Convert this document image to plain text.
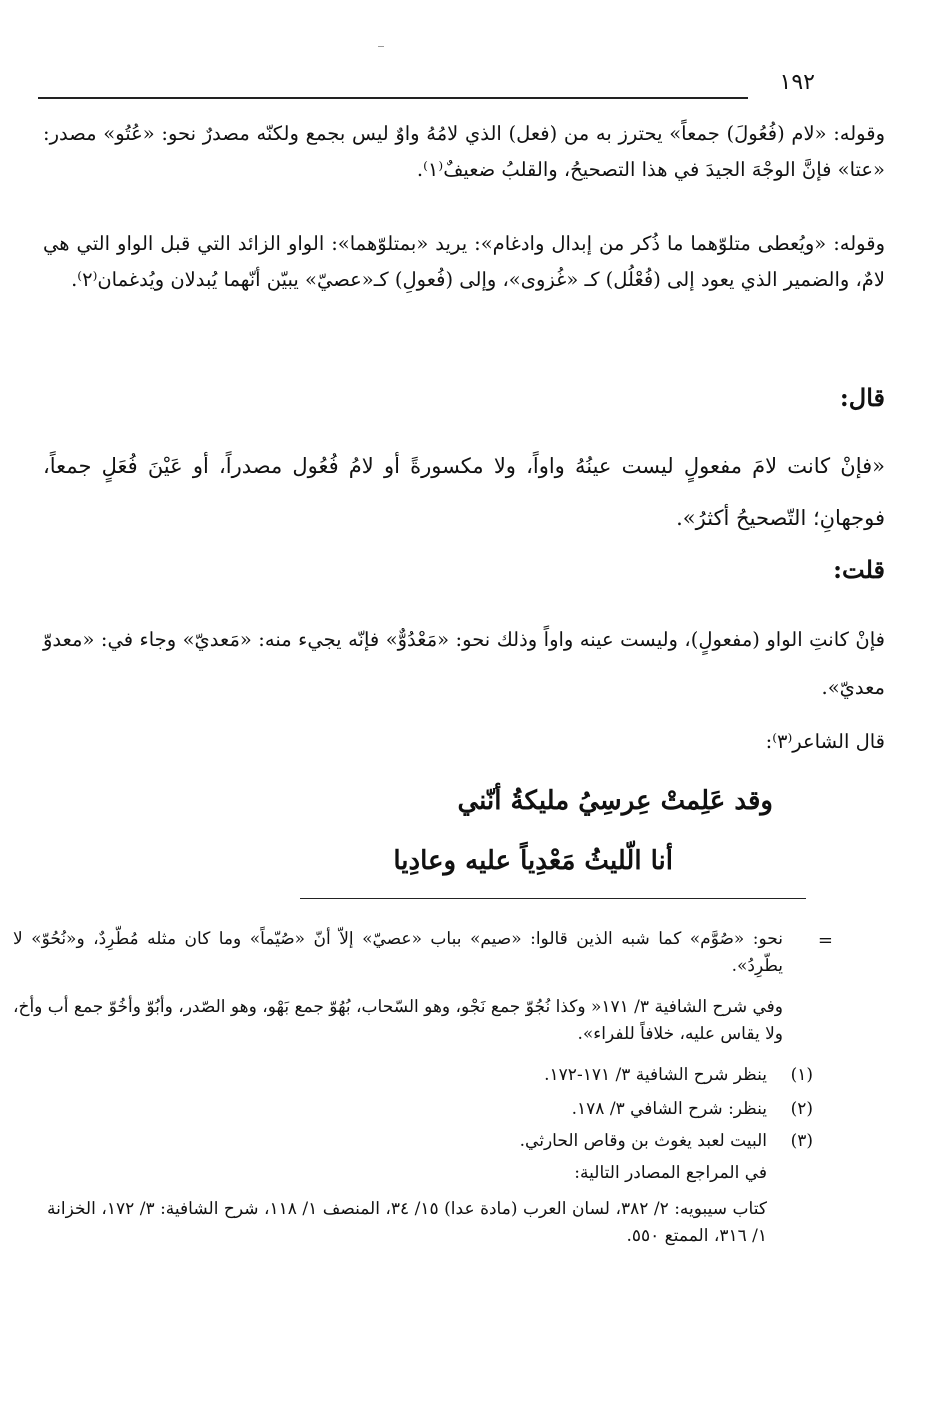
١٩٢
وقوله: «لام (فُعُولَ) جمعاً» يحترز به من (فعل) الذي لامُهُ واوٌ ليس بجمع ولكنّه مصدرٌ نحو: «عُتُو» مصدر: «عتا» فإنَّ الوجْهَ الجيدَ في هذا التصحيحُ، والقلبُ ضعيفٌ⁽١⁾.
وقوله: «ويُعطى متلوّهما ما ذُكر من إبدال وادغام»: يريد «بمتلوّهما»: الواو الزائد التي قبل الواو التي هي لامٌ، والضمير الذي يعود إلى (فُعْلُل) كـ «غُزوى»، وإلى (فُعولِ) كـ«عصيّ» يبيّن أنّهما يُبدلان ويُدغمان⁽٢⁾.
قال:
«فإنْ كانت لامَ مفعولٍ ليست عينُهُ واواً، ولا مكسورةً أو لامُ فُعُول مصدراً، أو عَيْنَ فُعَلٍ جمعاً، فوجهانِ؛ التّصحيحُ أكثرُ».
قلت:
فإنْ كانتِ الواو (مفعولٍ)، وليست عينه واواً وذلك نحو: «مَعْدُوٌّ» فإنّه يجيء منه: «مَعديّ» وجاء في: «معدوّ معديّ».
قال الشاعر⁽٣⁾:
وقد عَلِمتْ عِرسِيُ مليكةُ أنّني
أنا الّليثُ مَعْدِياً عليه وعادِيا
=
نحو: «صُوَّم» كما شبه الذين قالوا: «صيم» بباب «عصيّ» إلاّ أنّ «صُيّماً» وما كان مثله مُطّرِدٌ، و«نُحُوّ» لا يطّرِدُ».
وفي شرح الشافية ٣/ ١٧١« وكذا نُجُوّ جمع نَجْو، وهو السّحاب، بُهُوّ جمع بَهْو، وهو الصّدر، وأبُوّ وأخُوّ جمع أب وأخ، ولا يقاس عليه، خلافاً للفراء».
(١)ينظر شرح الشافية ٣/ ١٧١-١٧٢.
(٢)ينظر: شرح الشافي ٣/ ١٧٨.
(٣)البيت لعبد يغوث بن وقاص الحارثي.
في المراجع المصادر التالية:
كتاب سيبويه: ٢/ ٣٨٢، لسان العرب (مادة عدا) ١٥/ ٣٤، المنصف ١/ ١١٨، شرح الشافية: ٣/ ١٧٢، الخزانة ١/ ٣١٦، الممتع ٥٥٠.
